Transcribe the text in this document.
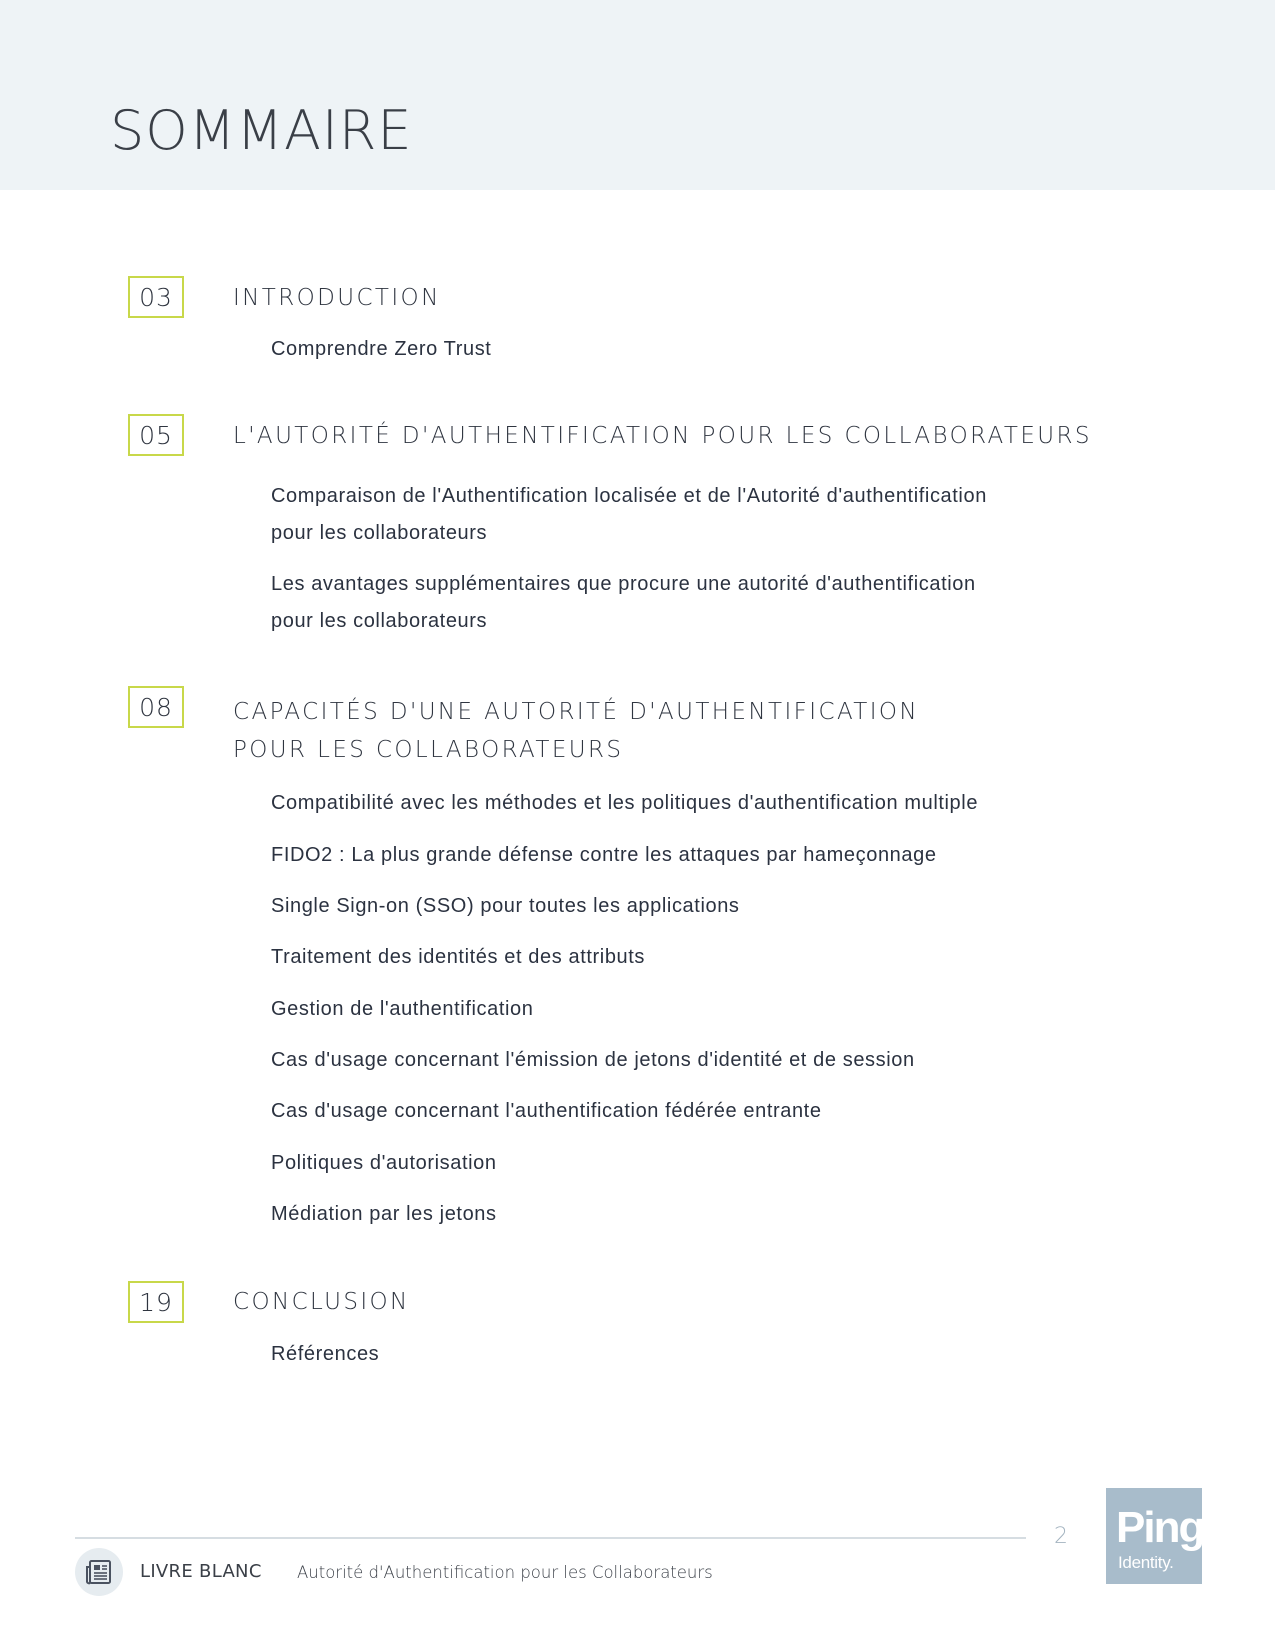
SOMMAIRE
03	INTRODUCTION

Comprendre Zero Trust

05	L'AUTORITÉ D'AUTHENTIFICATION POUR LES COLLABORATEURS

Comparaison de l'Authentification localisée et de l'Autorité d'authentification
pour les collaborateurs

Les avantages supplémentaires que procure une autorité d'authentification
pour les collaborateurs

08	CAPACITÉS D'UNE AUTORITÉ D'AUTHENTIFICATION
POUR LES COLLABORATEURS

Compatibilité avec les méthodes et les politiques d'authentification multiple

FIDO2 : La plus grande défense contre les attaques par hameçonnage

Single Sign-on (SSO) pour toutes les applications

Traitement des identités et des attributs

Gestion de l'authentification

Cas d'usage concernant l'émission de jetons d'identité et de session

Cas d'usage concernant l'authentification fédérée entrante

Politiques d'autorisation

Médiation par les jetons

19	CONCLUSION

Références

2
LIVRE BLANC Autorité d'Authentification pour les Collaborateurs
Ping
Identity.
